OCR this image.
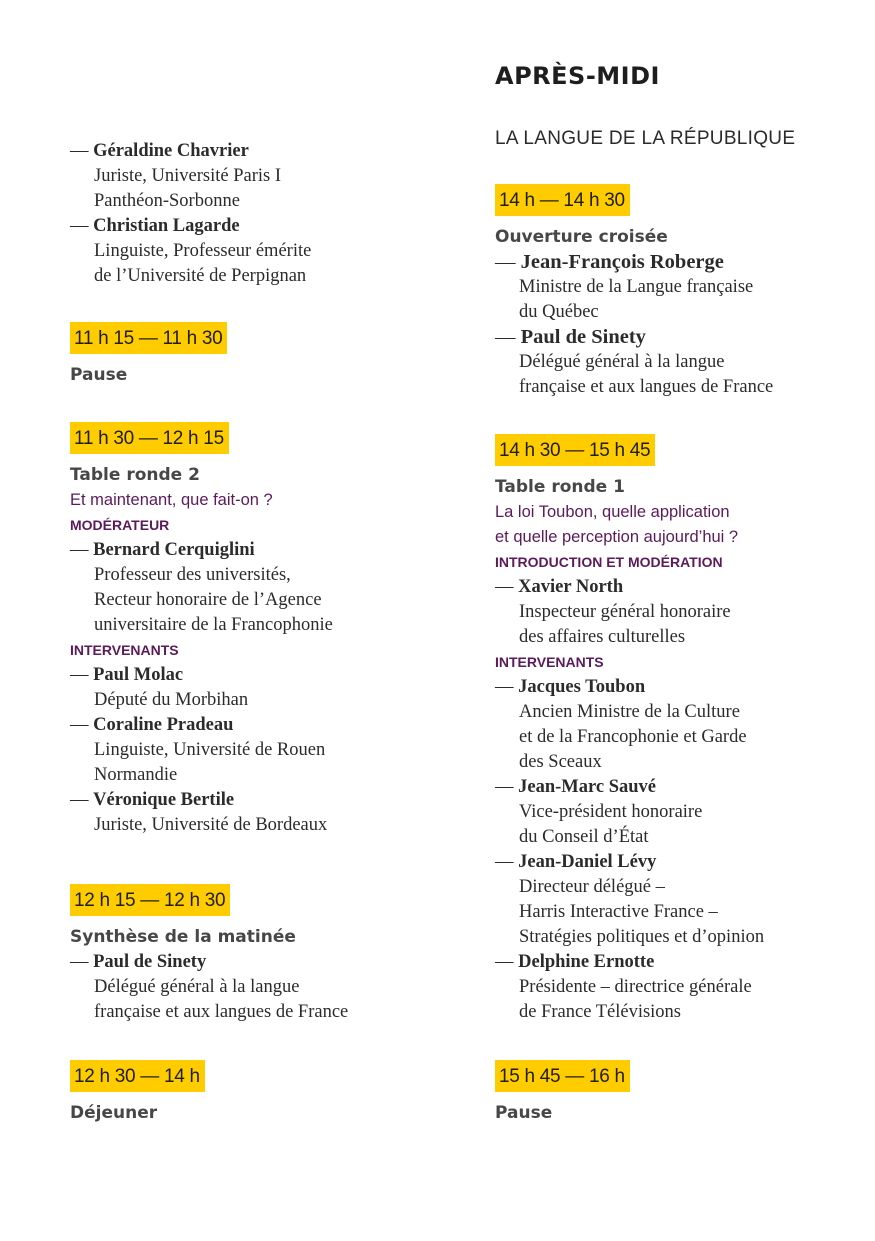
APRÈS-MIDI
LA LANGUE DE LA RÉPUBLIQUE
— Géraldine Chavrier
Juriste, Université Paris I
Panthéon-Sorbonne
— Christian Lagarde
Linguiste, Professeur émérite
de l’Université de Perpignan
11 h 15 — 11 h 30
Pause
11 h 30 — 12 h 15
Table ronde 2
Et maintenant, que fait-on ?
MODÉRATEUR
— Bernard Cerquiglini
Professeur des universités,
Recteur honoraire de l’Agence
universitaire de la Francophonie
INTERVENANTS
— Paul Molac
Député du Morbihan
— Coraline Pradeau
Linguiste, Université de Rouen
Normandie
— Véronique Bertile
Juriste, Université de Bordeaux
12 h 15 — 12 h 30
Synthèse de la matinée
— Paul de Sinety
Délégué général à la langue
française et aux langues de France
12 h 30 — 14 h
Déjeuner
14 h — 14 h 30
Ouverture croisée
— Jean-François Roberge
Ministre de la Langue française
du Québec
— Paul de Sinety
Délégué général à la langue
française et aux langues de France
14 h 30 — 15 h 45
Table ronde 1
La loi Toubon, quelle application
et quelle perception aujourd’hui ?
INTRODUCTION ET MODÉRATION
— Xavier North
Inspecteur général honoraire
des affaires culturelles
INTERVENANTS
— Jacques Toubon
Ancien Ministre de la Culture
et de la Francophonie et Garde
des Sceaux
— Jean-Marc Sauvé
Vice-président honoraire
du Conseil d’État
— Jean-Daniel Lévy
Directeur délégué –
Harris Interactive France –
Stratégies politiques et d’opinion
— Delphine Ernotte
Présidente – directrice générale
de France Télévisions
15 h 45 — 16 h
Pause
